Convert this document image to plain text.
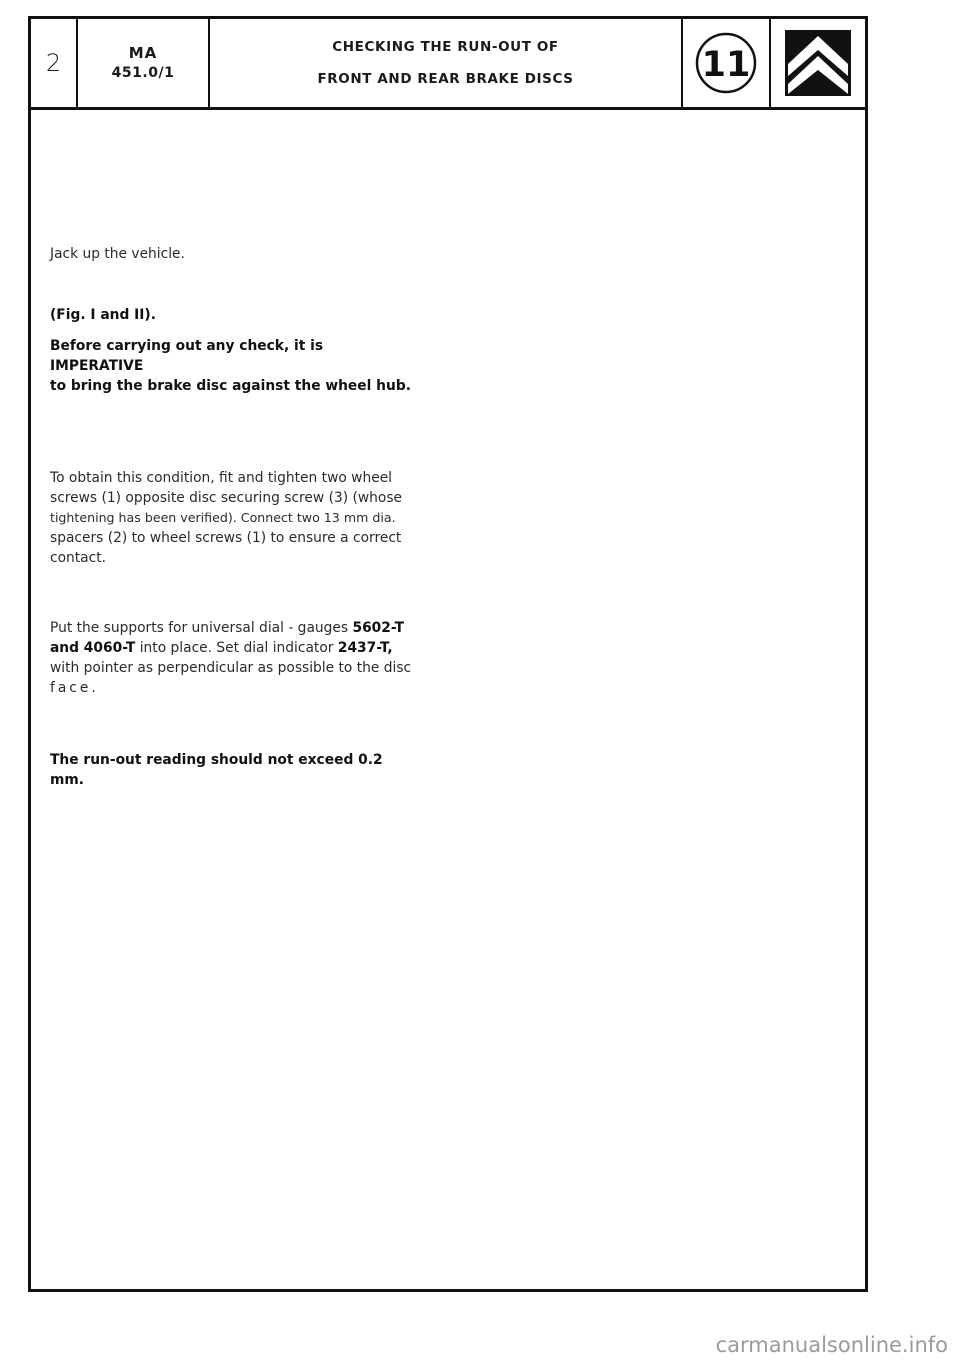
2	MA
451.0/1
CHECKING THE RUN-OUT OF
FRONT AND REAR BRAKE DISCS	11

Jack up the vehicle.

(Fig. I and II).

Before carrying out any check, it is IMPERATIVE

to bring the brake disc against the wheel hub.

To obtain this condition, fit and tighten two wheel

screws (1) opposite disc securing screw (3) (whose

tightening has been verified). Connect two 13 mm dia.

spacers (2) to wheel screws (1) to ensure a correct

contact.

Put the supports for universal dial - gauges 5602-T

and 4060-T into place. Set dial indicator 2437-T,

with pointer as perpendicular as possible to the disc

face.

The run-out reading should not exceed 0.2 mm.

carmanualsonline.info
